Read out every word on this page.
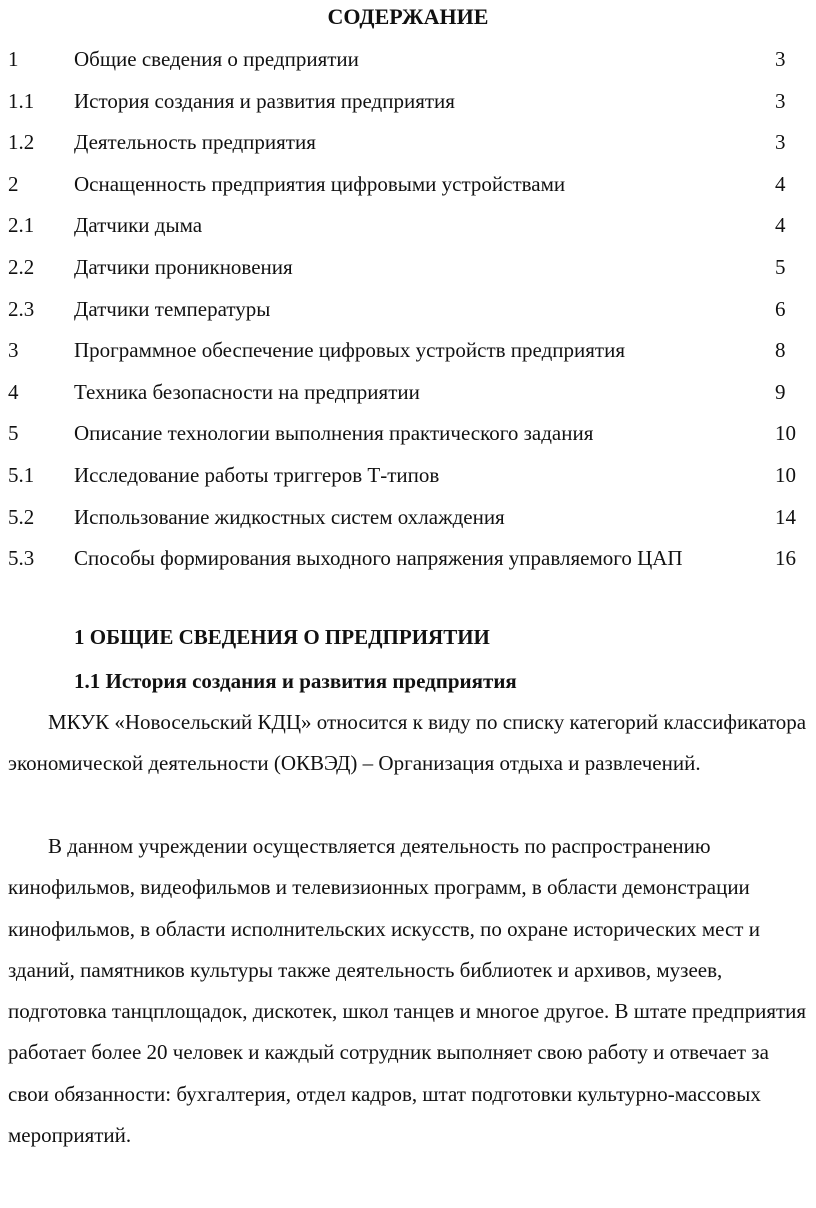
СОДЕРЖАНИЕ
1	Общие сведения о предприятии	3
1.1 История создания и развития предприятия	3
1.2 Деятельность предприятия	3
2	Оснащенность предприятия цифровыми устройствами	4
2.1 Датчики дыма	4
2.2 Датчики проникновения	5
2.3 Датчики температуры	6
3	Программное обеспечение цифровых устройств предприятия	8
4	Техника безопасности на предприятии	9
5	Описание технологии выполнения практического задания	10
5.1 Исследование работы триггеров Т-типов	10
5.2 Использование жидкостных систем охлаждения	14
5.3 Способы формирования выходного напряжения управляемого ЦАП	16
1 ОБЩИЕ СВЕДЕНИЯ О ПРЕДПРИЯТИИ
1.1 История создания и развития предприятия

МКУК «Новосельский КДЦ» относится к виду по списку категорий классификатора экономической деятельности (ОКВЭД) – Организация отдыха и развлечений.

В данном учреждении осуществляется деятельность по распространению кинофильмов, видеофильмов и телевизионных программ, в области демонстрации кинофильмов, в области исполнительских искусств, по охране исторических мест и зданий, памятников культуры также деятельность библиотек и архивов, музеев, подготовка танцплощадок, дискотек, школ танцев и многое другое. В штате предприятия работает более 20 человек и каждый сотрудник выполняет свою работу и отвечает за свои обязанности: бухгалтерия, отдел кадров, штат подготовки культурно-массовых мероприятий.
